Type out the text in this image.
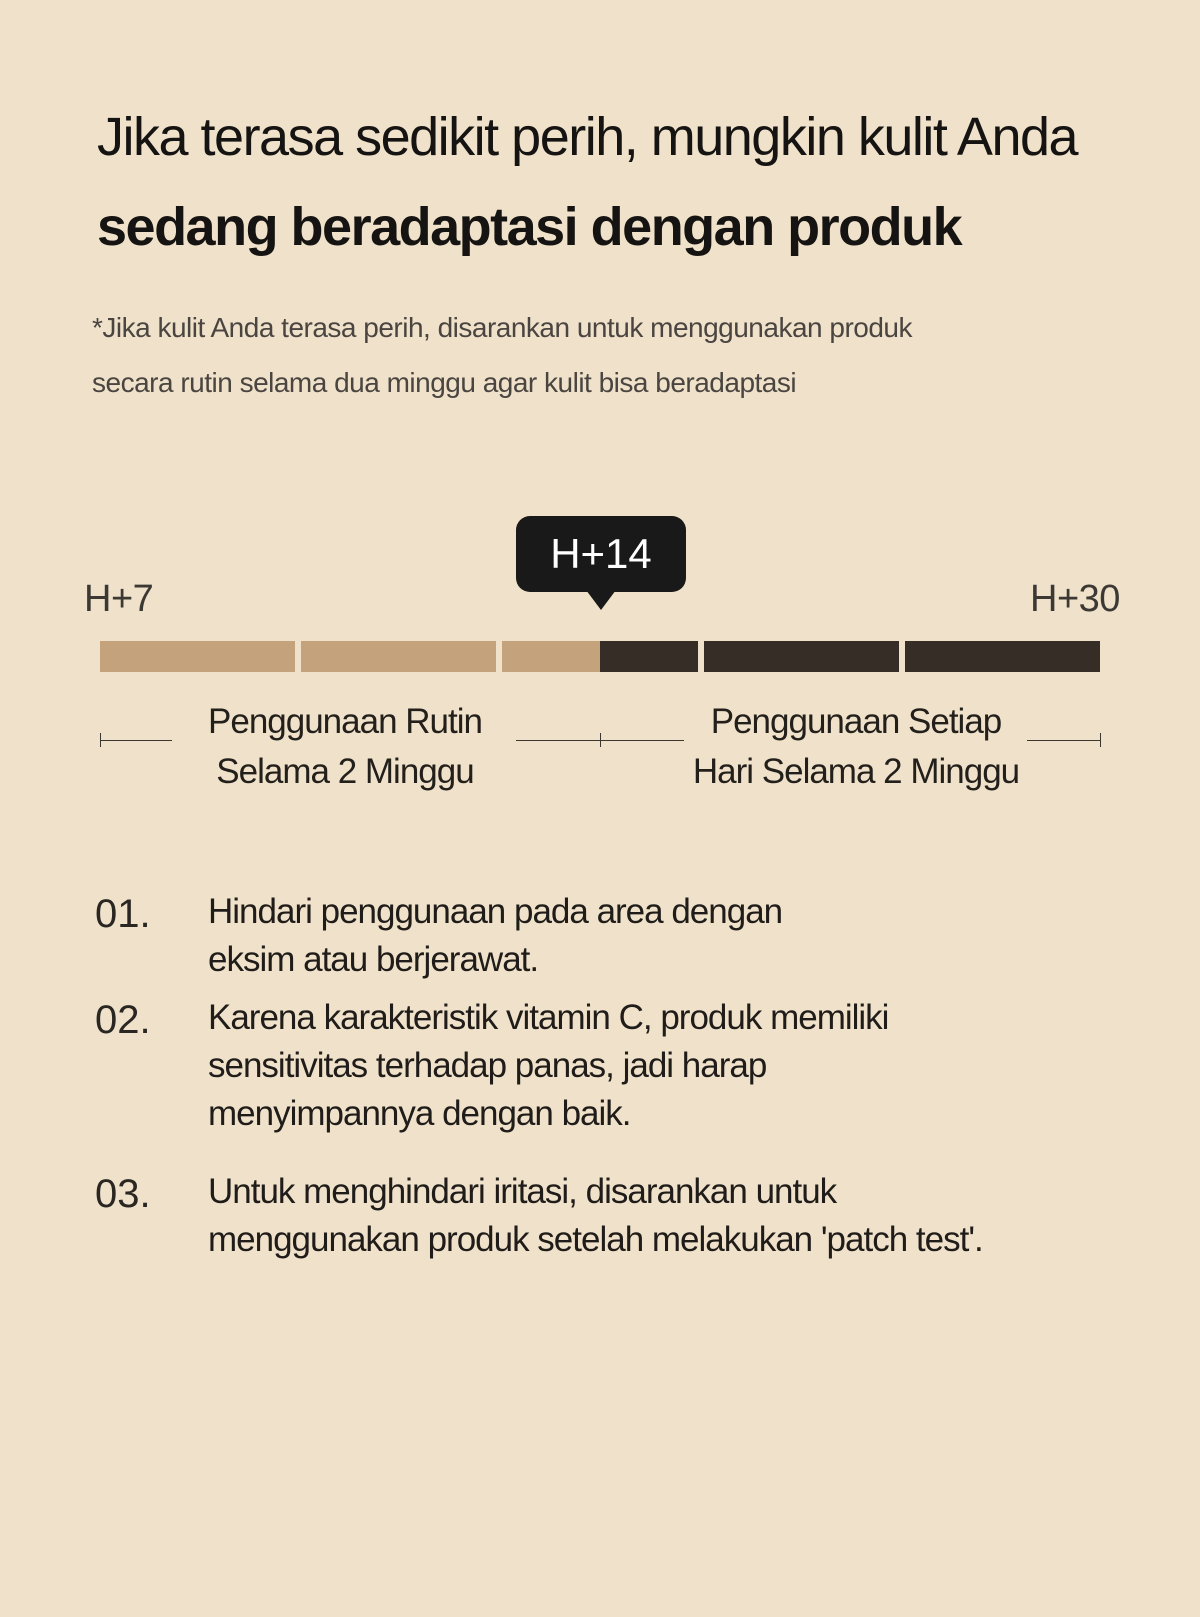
Jika terasa sedikit perih, mungkin kulit Anda
sedang beradaptasi dengan produk
*Jika kulit Anda terasa perih, disarankan untuk menggunakan produk
secara rutin selama dua minggu agar kulit bisa beradaptasi
H+7	H+30
H+14
Penggunaan Rutin
Selama 2 Minggu
Penggunaan Setiap
Hari Selama 2 Minggu
01. Hindari penggunaan pada area dengan
eksim atau berjerawat.
02. Karena karakteristik vitamin C, produk memiliki
sensitivitas terhadap panas, jadi harap
menyimpannya dengan baik.
03. Untuk menghindari iritasi, disarankan untuk
menggunakan produk setelah melakukan 'patch test'.
